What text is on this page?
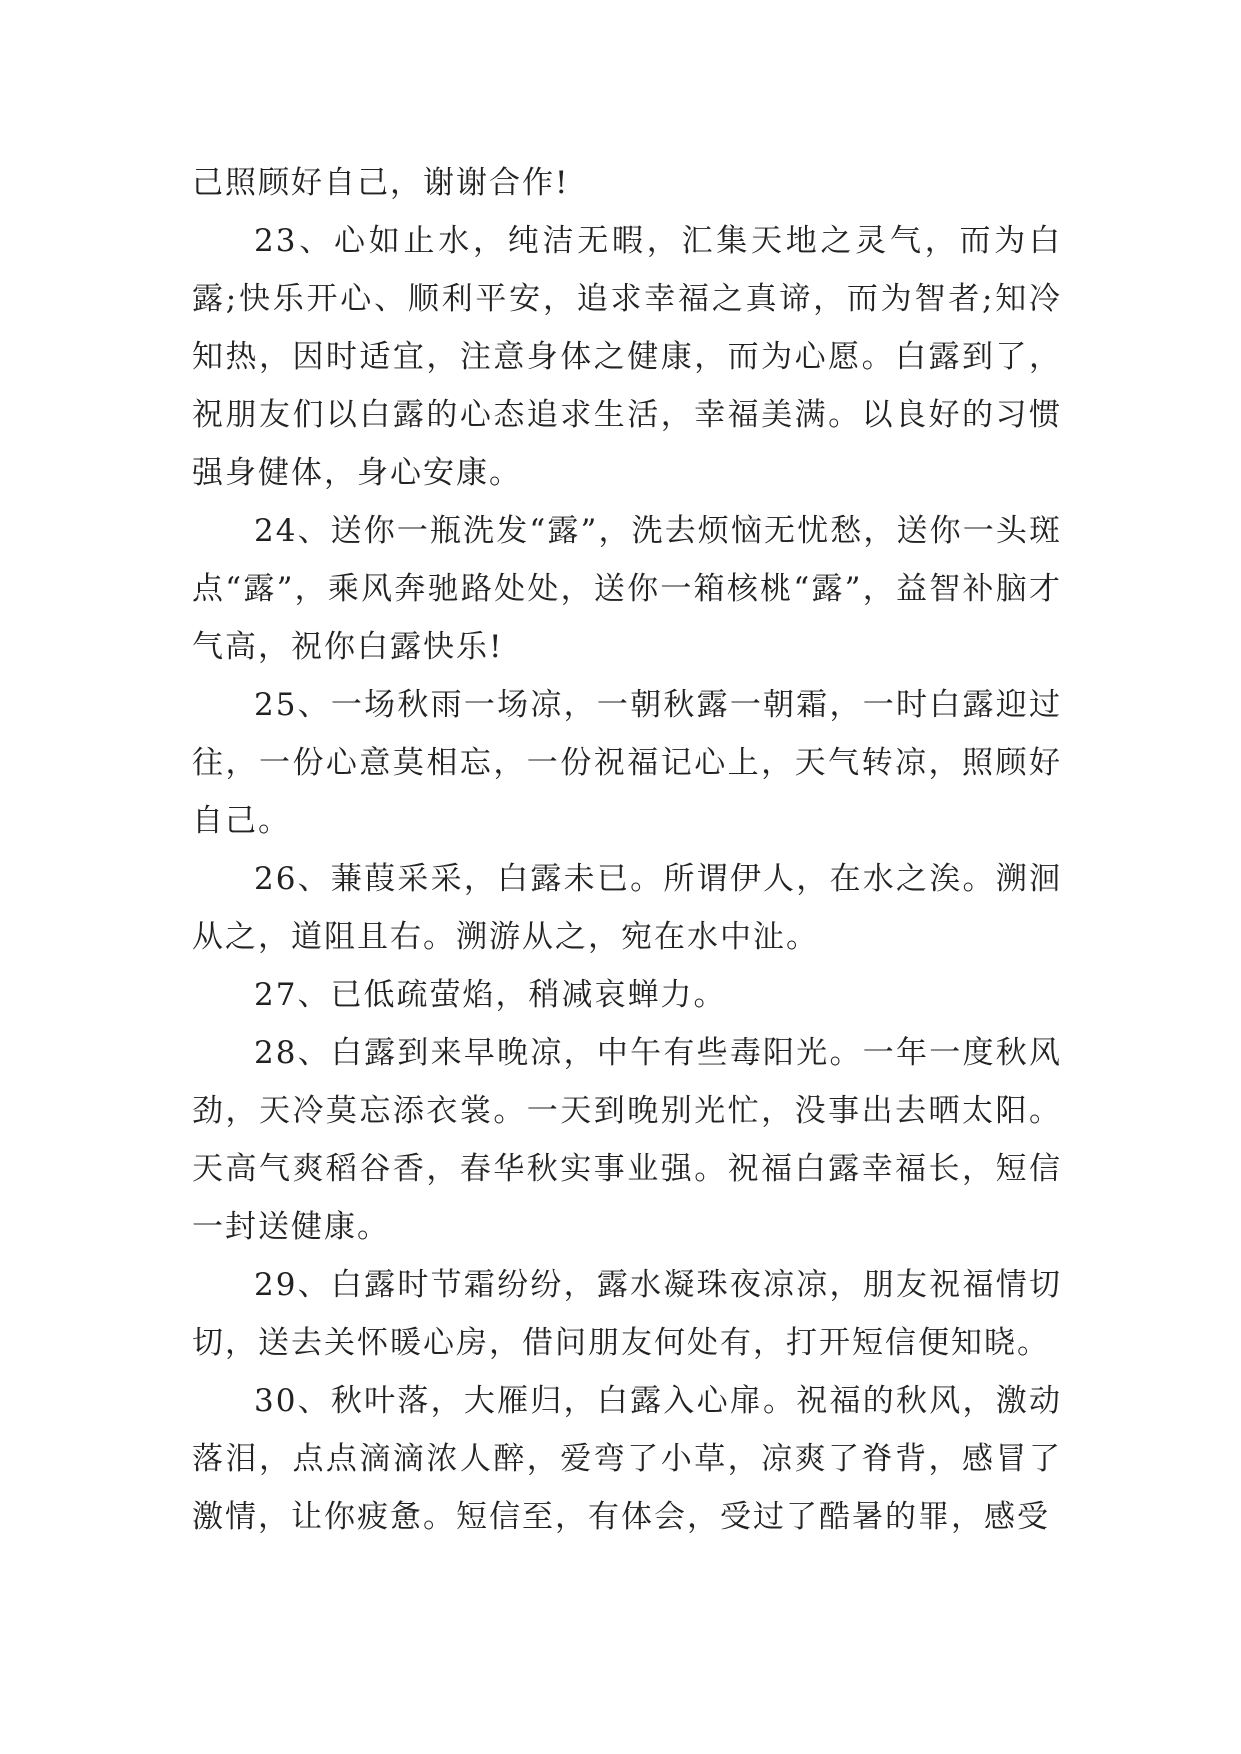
己照顾好自己，谢谢合作!

23、心如止水，纯洁无暇，汇集天地之灵气，而为白露;快乐开心、顺利平安，追求幸福之真谛，而为智者;知冷知热，因时适宜，注意身体之健康，而为心愿。白露到了，祝朋友们以白露的心态追求生活，幸福美满。以良好的习惯强身健体，身心安康。

24、送你一瓶洗发“露”，洗去烦恼无忧愁，送你一头斑点“露”，乘风奔驰路处处，送你一箱核桃“露”，益智补脑才气高，祝你白露快乐!

25、一场秋雨一场凉，一朝秋露一朝霜，一时白露迎过往，一份心意莫相忘，一份祝福记心上，天气转凉，照顾好自己。

26、蒹葭采采，白露未已。所谓伊人，在水之涘。溯洄从之，道阻且右。溯游从之，宛在水中沚。

27、已低疏萤焰，稍减哀蝉力。

28、白露到来早晚凉，中午有些毒阳光。一年一度秋风劲，天冷莫忘添衣裳。一天到晚别光忙，没事出去晒太阳。天高气爽稻谷香，春华秋实事业强。祝福白露幸福长，短信一封送健康。

29、白露时节霜纷纷，露水凝珠夜凉凉，朋友祝福情切切，送去关怀暖心房，借问朋友何处有，打开短信便知晓。

30、秋叶落，大雁归，白露入心扉。祝福的秋风，激动落泪，点点滴滴浓人醉，爱弯了小草，凉爽了脊背，感冒了激情，让你疲惫。短信至，有体会，受过了酷暑的罪，感受
